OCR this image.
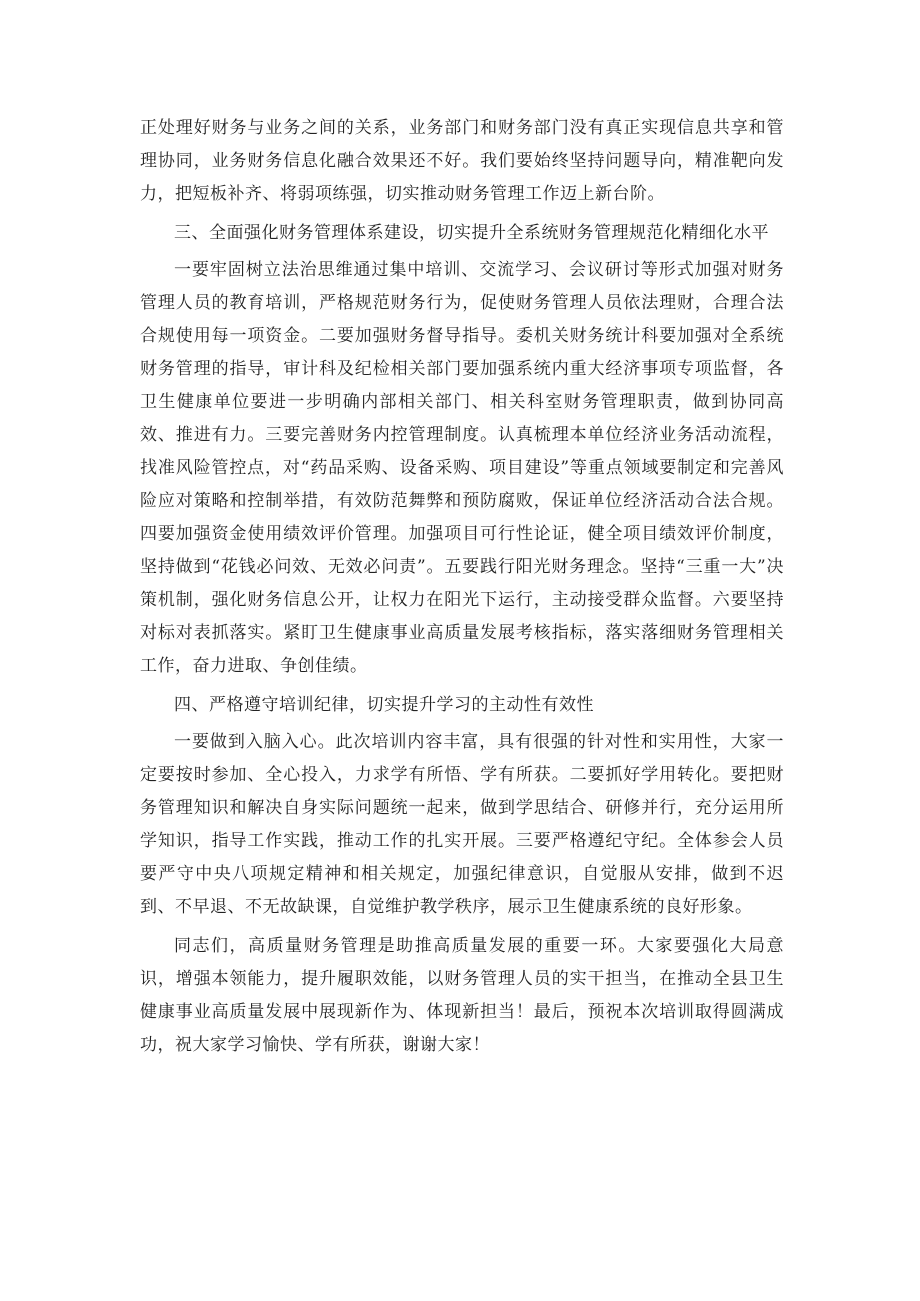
正处理好财务与业务之间的关系，业务部门和财务部门没有真正实现信息共享和管理协同，业务财务信息化融合效果还不好。我们要始终坚持问题导向，精准靶向发力，把短板补齐、将弱项练强，切实推动财务管理工作迈上新台阶。

三、全面强化财务管理体系建设，切实提升全系统财务管理规范化精细化水平

一要牢固树立法治思维通过集中培训、交流学习、会议研讨等形式加强对财务管理人员的教育培训，严格规范财务行为，促使财务管理人员依法理财，合理合法合规使用每一项资金。二要加强财务督导指导。委机关财务统计科要加强对全系统财务管理的指导，审计科及纪检相关部门要加强系统内重大经济事项专项监督，各卫生健康单位要进一步明确内部相关部门、相关科室财务管理职责，做到协同高效、推进有力。三要完善财务内控管理制度。认真梳理本单位经济业务活动流程，找准风险管控点，对“药品采购、设备采购、项目建设”等重点领域要制定和完善风险应对策略和控制举措，有效防范舞弊和预防腐败，保证单位经济活动合法合规。四要加强资金使用绩效评价管理。加强项目可行性论证，健全项目绩效评价制度，坚持做到“花钱必问效、无效必问责”。五要践行阳光财务理念。坚持“三重一大”决策机制，强化财务信息公开，让权力在阳光下运行，主动接受群众监督。六要坚持对标对表抓落实。紧盯卫生健康事业高质量发展考核指标，落实落细财务管理相关工作，奋力进取、争创佳绩。

四、严格遵守培训纪律，切实提升学习的主动性有效性

一要做到入脑入心。此次培训内容丰富，具有很强的针对性和实用性，大家一定要按时参加、全心投入，力求学有所悟、学有所获。二要抓好学用转化。要把财务管理知识和解决自身实际问题统一起来，做到学思结合、研修并行，充分运用所学知识，指导工作实践，推动工作的扎实开展。三要严格遵纪守纪。全体参会人员要严守中央八项规定精神和相关规定，加强纪律意识，自觉服从安排，做到不迟到、不早退、不无故缺课，自觉维护教学秩序，展示卫生健康系统的良好形象。

同志们，高质量财务管理是助推高质量发展的重要一环。大家要强化大局意识，增强本领能力，提升履职效能，以财务管理人员的实干担当，在推动全县卫生健康事业高质量发展中展现新作为、体现新担当！最后，预祝本次培训取得圆满成功，祝大家学习愉快、学有所获，谢谢大家！
